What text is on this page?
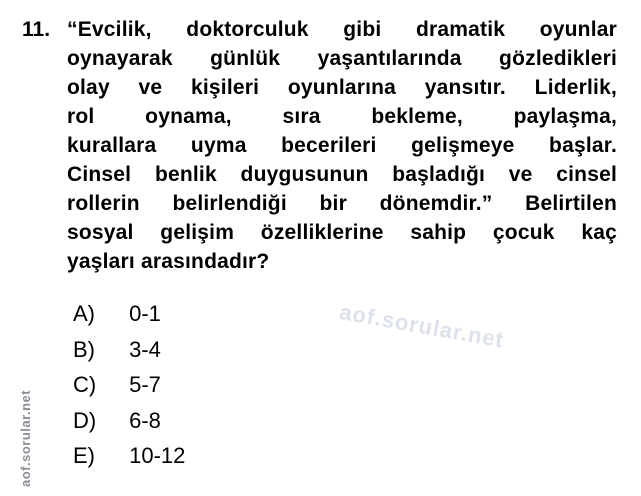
11. “Evcilik, doktorculuk gibi dramatik oyunlar
oynayarak günlük yaşantılarında gözledikleri
olay ve kişileri oyunlarına yansıtır. Liderlik,
rol oynama, sıra bekleme, paylaşma,
kurallara uyma becerileri gelişmeye başlar.
Cinsel benlik duygusunun başladığı ve cinsel
rollerin belirlendiği bir dönemdir.” Belirtilen
sosyal gelişim özelliklerine sahip çocuk kaç
yaşları arasındadır?
A) 0-1
B) 3-4
C) 5-7
D) 6-8
E) 10-12
aof.sorular.net
aof.sorular.net
